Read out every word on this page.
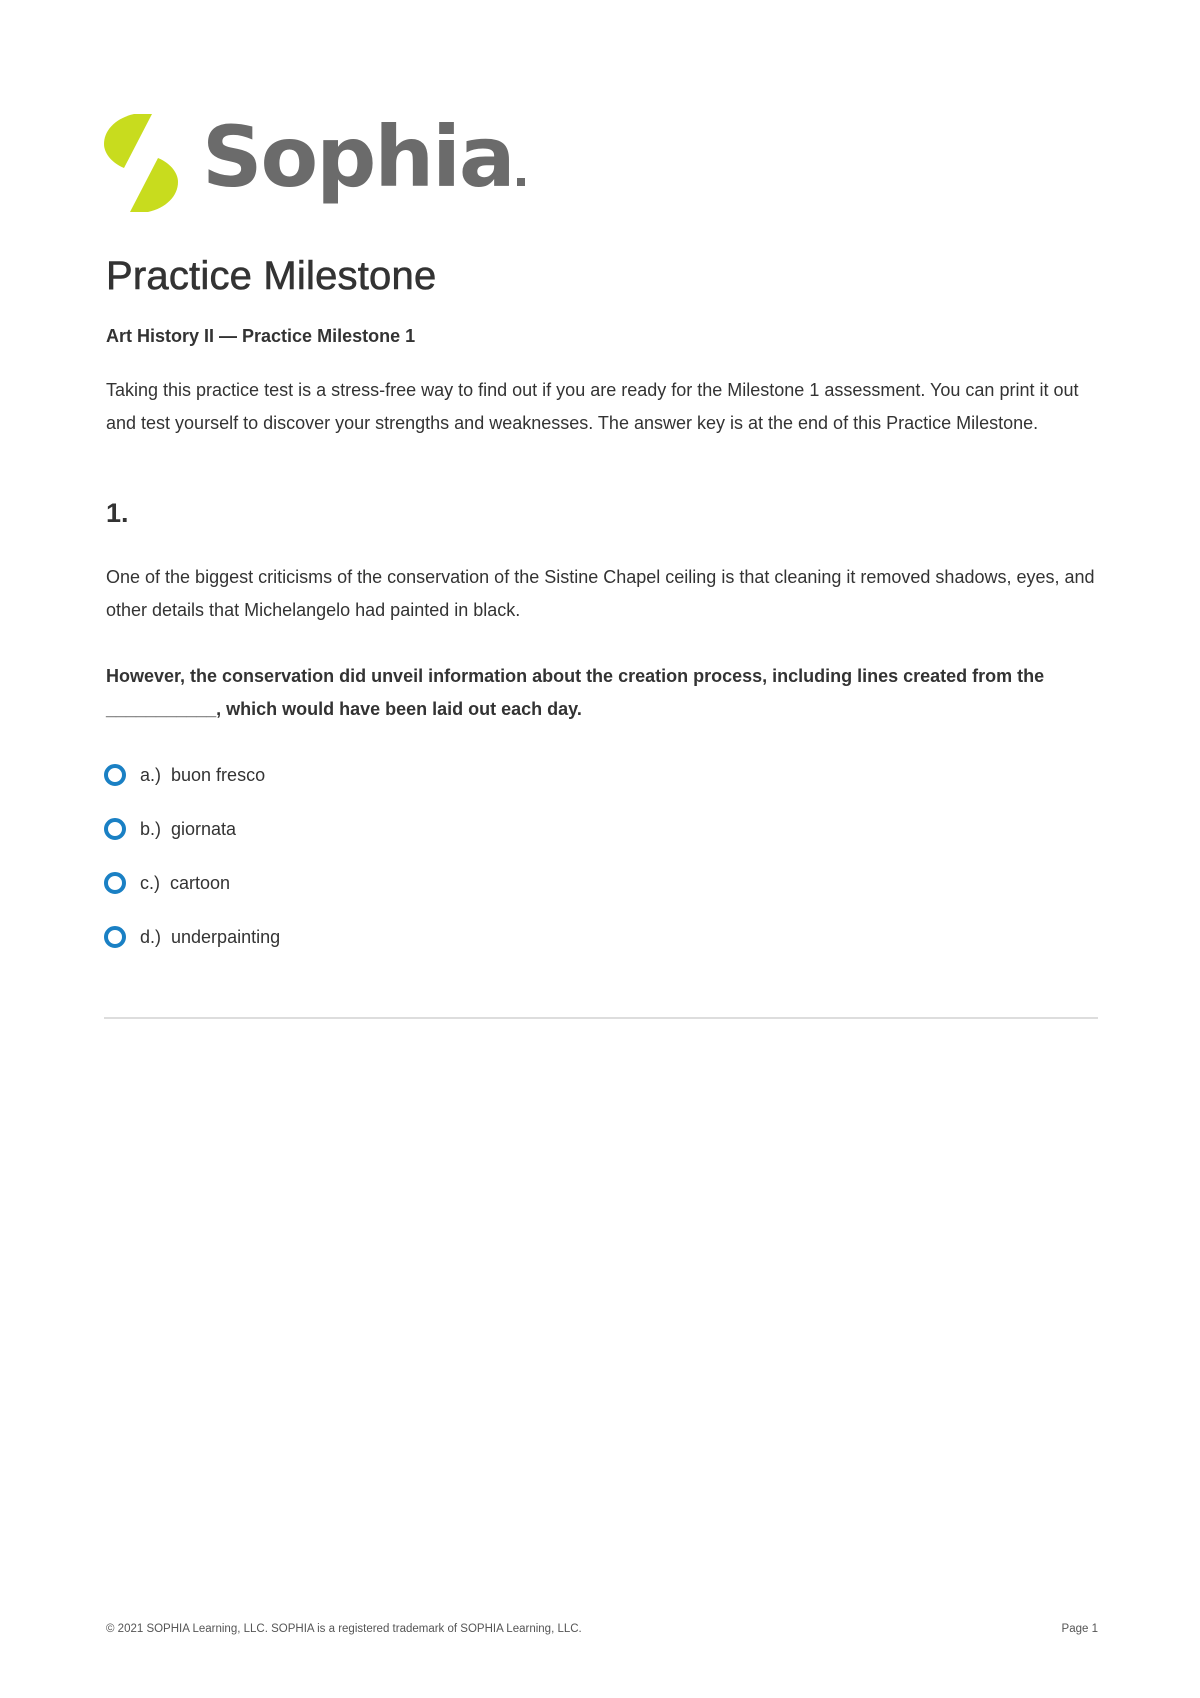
Sophia
Practice Milestone

Art History II — Practice Milestone 1

Taking this practice test is a stress-free way to find out if you are ready for the Milestone 1 assessment. You can print it out and test yourself to discover your strengths and weaknesses. The answer key is at the end of this Practice Milestone.

1.

One of the biggest criticisms of the conservation of the Sistine Chapel ceiling is that cleaning it removed shadows, eyes, and other details that Michelangelo had painted in black.

However, the conservation did unveil information about the creation process, including lines created from the ___________, which would have been laid out each day.

a.) buon fresco
b.) giornata
c.) cartoon
d.) underpainting
© 2021 SOPHIA Learning, LLC. SOPHIA is a registered trademark of SOPHIA Learning, LLC.	Page 1
